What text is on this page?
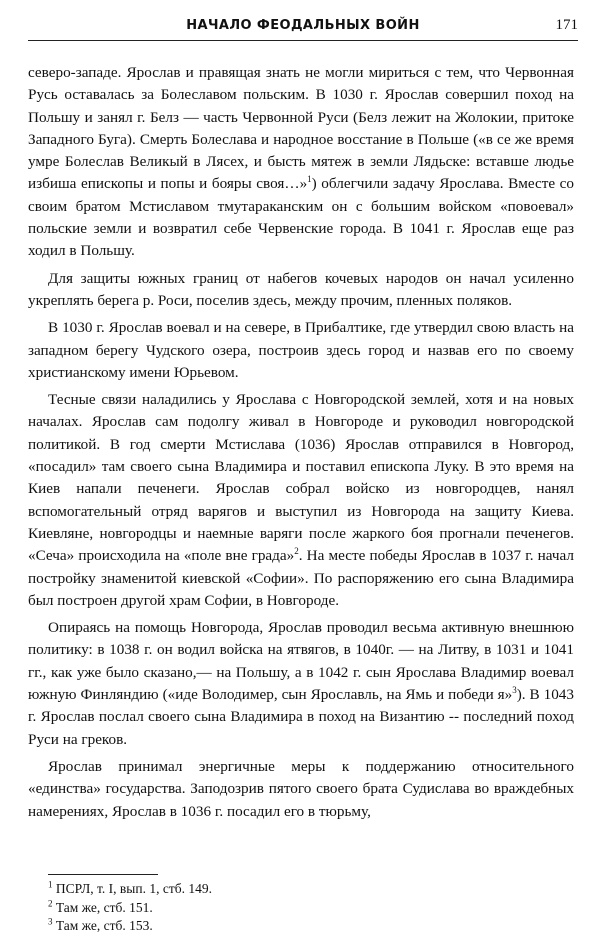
НАЧАЛО ФЕОДАЛЬНЫХ ВОЙН	171

северо-западе. Ярослав и правящая знать не могли мириться с тем, что Червонная Русь оставалась за Болеславом польским. В 1030 г. Ярослав совершил поход на Польшу и занял г. Белз — часть Червонной Руси (Белз лежит на Жолокии, притоке Западного Буга). Смерть Болеслава и народное восстание в Польше («в се же время умре Болеслав Великый в Лясех, и бысть мятеж в земли Лядьске: вставше людье избиша епископы и попы и бояры своя…»$^1$) облегчили задачу Ярослава. Вместе со своим братом Мстиславом тмутараканским он с большим войском «повоевал» польские земли и возвратил себе Червенские города. В 1041 г. Ярослав еще раз ходил в Польшу.

Для защиты южных границ от набегов кочевых народов он начал усиленно укреплять берега р. Роси, поселив здесь, между прочим, пленных поляков.

В 1030 г. Ярослав воевал и на севере, в Прибалтике, где утвердил свою власть на западном берегу Чудского озера, построив здесь город и назвав его по своему христианскому имени Юрьевом.

Тесные связи наладились у Ярослава с Новгородской землей, хотя и на новых началах. Ярослав сам подолгу живал в Новгороде и руководил новгородской политикой. В год смерти Мстислава (1036) Ярослав отправился в Новгород, «посадил» там своего сына Владимира и поставил епископа Луку. В это время на Киев напали печенеги. Ярослав собрал войско из новгородцев, нанял вспомогательный отряд варягов и выступил из Новгорода на защиту Киева. Киевляне, новгородцы и наемные варяги после жаркого боя прогнали печенегов. «Сеча» происходила на «поле вне града»$^2$. На месте победы Ярослав в 1037 г. начал постройку знаменитой киевской «Софии». По распоряжению его сына Владимира был построен другой храм Софии, в Новгороде.

Опираясь на помощь Новгорода, Ярослав проводил весьма активную внешнюю политику: в 1038 г. он водил войска на ятвягов, в 1040г. — на Литву, в 1031 и 1041 гг., как уже было сказано,— на Польшу, а в 1042 г. сын Ярослава Владимир воевал южную Финляндию («иде Володимер, сын Ярославль, на Ямь и победи я»$^3$). В 1043 г. Ярослав послал своего сына Владимира в поход на Византию -- последний поход Руси на греков.

Ярослав принимал энергичные меры к поддержанию относительного «единства» государства. Заподозрив пятого своего брата Судислава во враждебных намерениях, Ярослав в 1036 г. посадил его в тюрьму,

$^1$ ПСРЛ, т. I, вып. 1, стб. 149.

$^2$ Там же, стб. 151.

$^3$ Там же, стб. 153.
